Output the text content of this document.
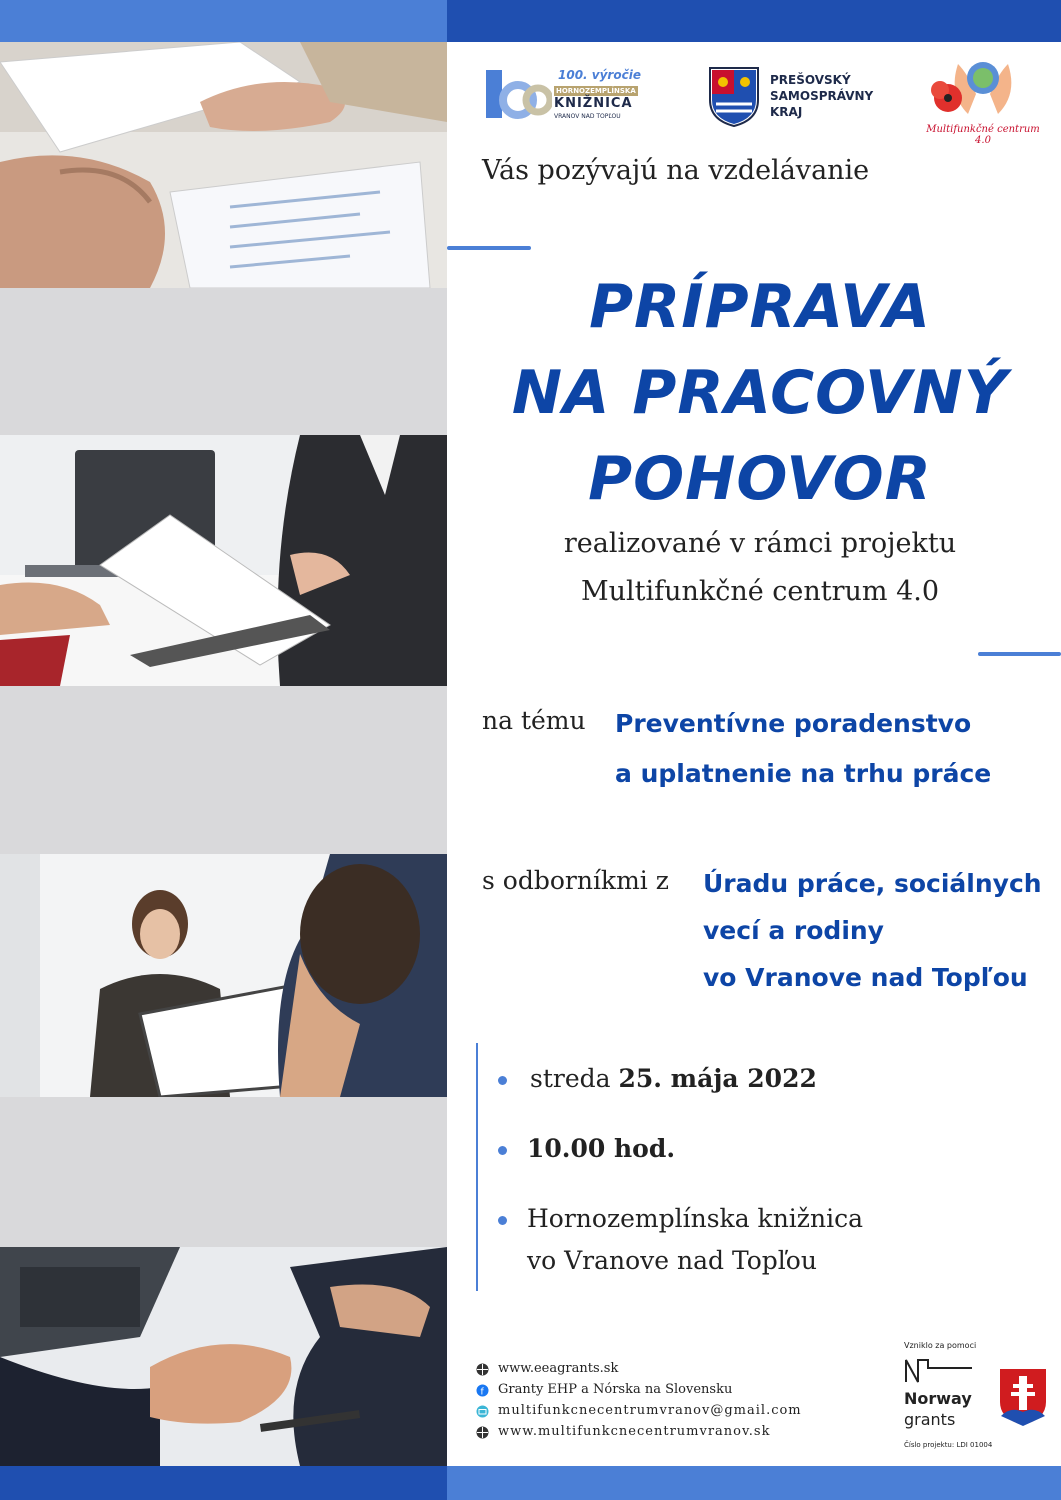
100. výročie
HORNOZEMPLÍNSKA
KNIŽNICA
VRANOV NAD TOPĽOU
PREŠOVSKÝ
SAMOSPRÁVNY
KRAJ
Multifunkčné centrum 4.0
Vás pozývajú na vzdelávanie
PRÍPRAVA
NA PRACOVNÝ
POHOVOR
realizované v rámci projektu
Multifunkčné centrum 4.0
na tému Preventívne poradenstvo
a uplatnenie na trhu práce
s odborníkmi z Úradu práce, sociálnych
vecí a rodiny
vo Vranove nad Topľou
streda 25. mája 2022
10.00 hod.
Hornozemplínska knižnica
vo Vranove nad Topľou
www.eeagrants.sk
f Granty EHP a Nórska na Slovensku
multifunkcnecentrumvranov@gmail.com
www.multifunkcnecentrumvranov.sk
Vzniklo za pomoci
Norway
grants
Číslo projektu: LDI 01004
